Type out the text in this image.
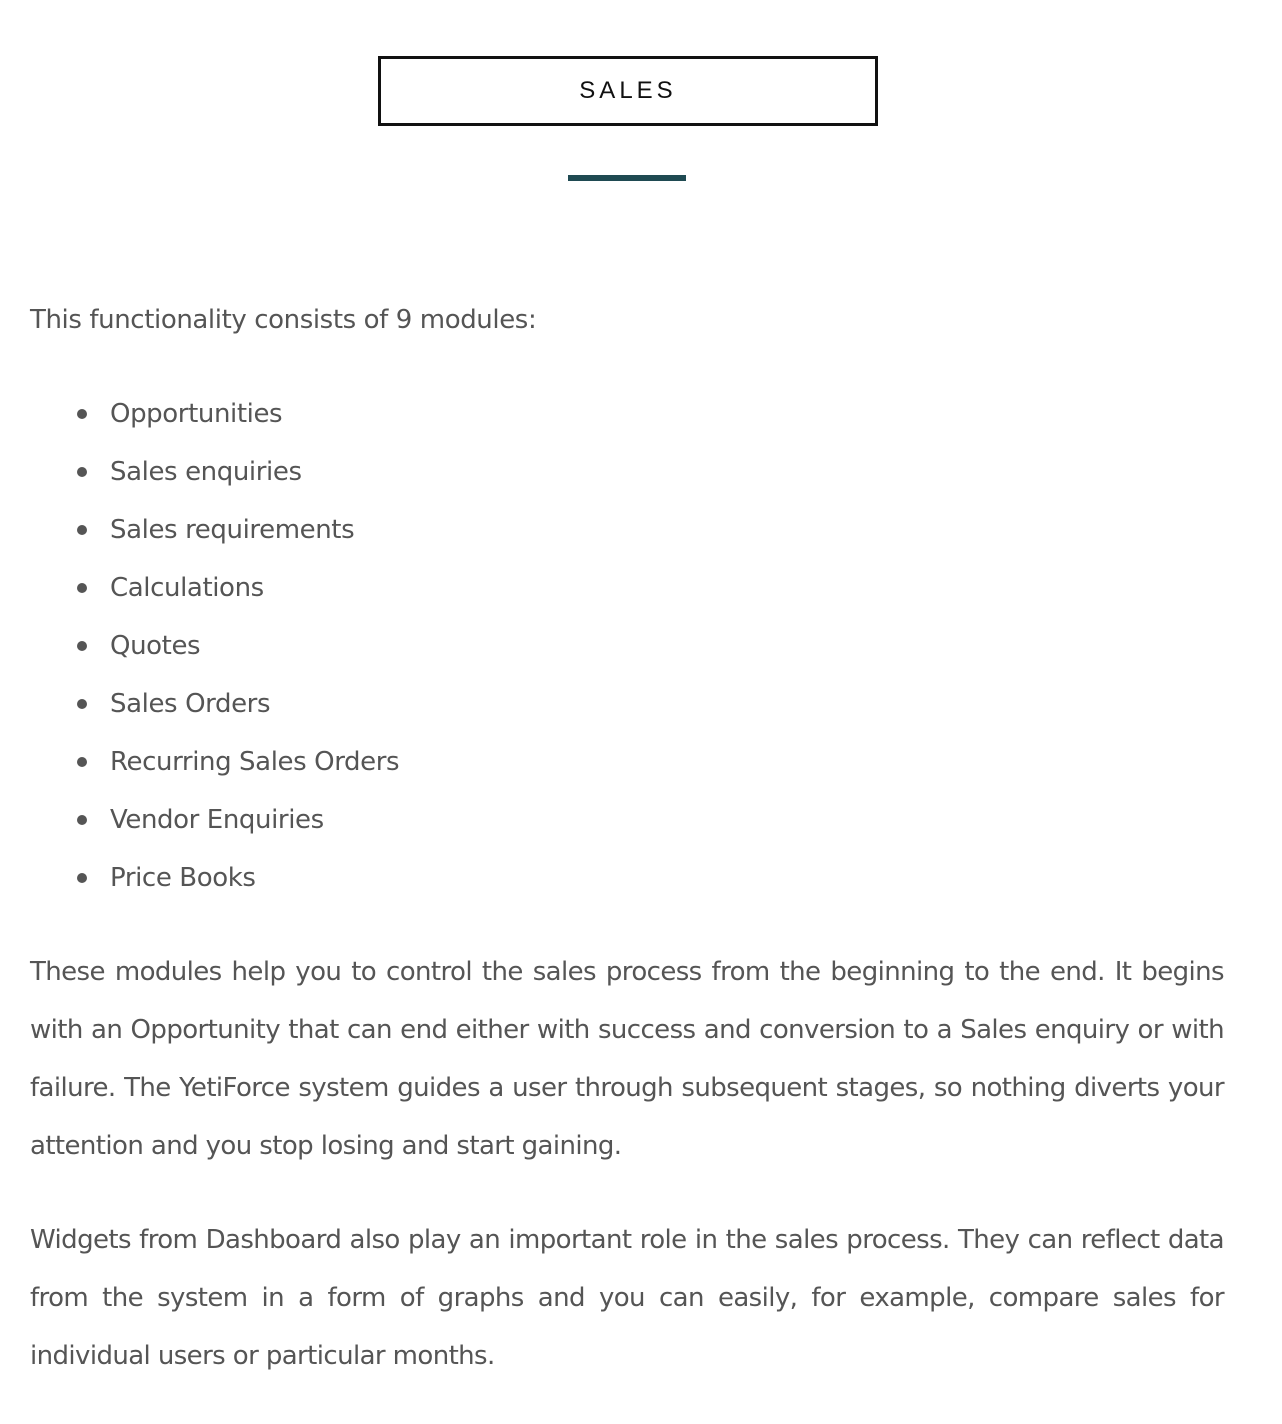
SALES

This functionality consists of 9 modules:

Opportunities
Sales enquiries
Sales requirements
Calculations
Quotes
Sales Orders
Recurring Sales Orders
Vendor Enquiries
Price Books

These modules help you to control the sales process from the beginning to the end. It begins with an Opportunity that can end either with success and conversion to a Sales enquiry or with failure. The YetiForce system guides a user through subsequent stages, so nothing diverts your attention and you stop losing and start gaining.

Widgets from Dashboard also play an important role in the sales process. They can reflect data from the system in a form of graphs and you can easily, for example, compare sales for individual users or particular months.
